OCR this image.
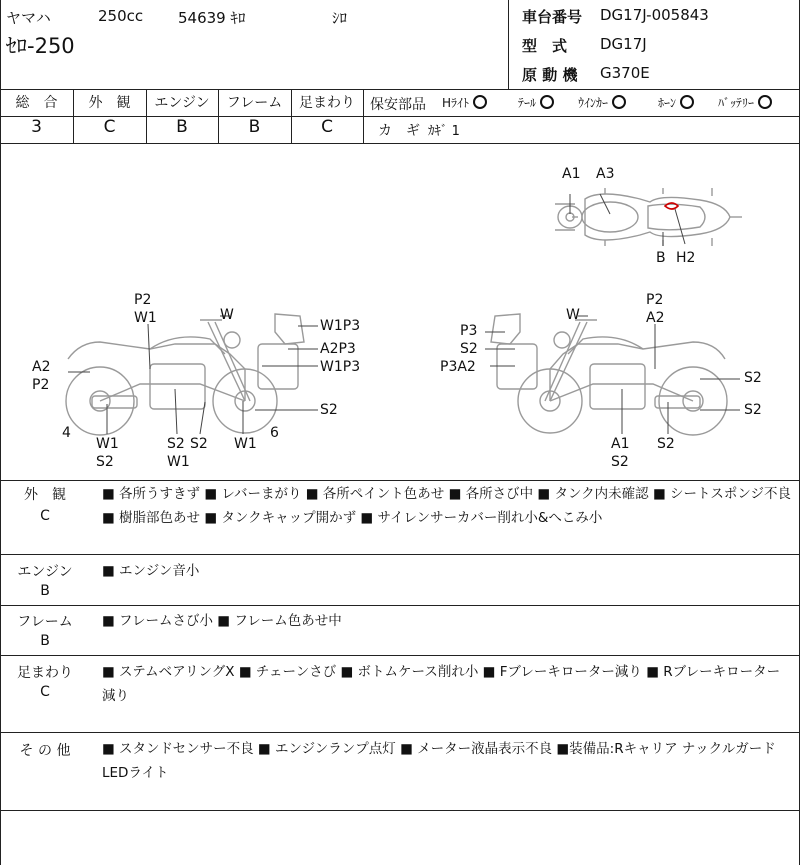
ヤマハ	250cc 54639 ｷﾛ	ｼﾛ
ｾﾛ-250
車台番号 DG17J-005843
型　式 DG17J
原 動 機 G370E
総　合	外　観	エンジン	フレーム	足まわり
3	C	B	B	C
保安部品 Hﾗｲﾄ	ﾃｰﾙ	ｳｲﾝｶｰ	ﾎｰﾝ	ﾊﾞｯﾃﾘｰ
カ　ギ ｶｷﾞ 1
A1 A3
B H2
P2
W1	W
W1P3
A2P3
W1P3
A2
P2
S2
4
W1
S2
S2 S2
W1
W1
6
P2
A2
W
P3
S2
P3A2
S2
S2
A1
S2
S2
外　観
C
■ 各所うすきず ■ レバーまがり ■ 各所ペイント色あせ ■ 各所さび中 ■ タンク内未確認 ■ シートスポンジ不良 ■ 樹脂部色あせ ■ タンクキャップ開かず ■ サイレンサーカバー削れ小&へこみ小
エンジン
B
■ エンジン音小
フレーム
B
■ フレームさび小 ■ フレーム色あせ中
足まわり
C
■ ステムベアリングX ■ チェーンさび ■ ボトムケース削れ小 ■ Fブレーキローター減り ■ Rブレーキローター減り
そ の 他	■ スタンドセンサー不良 ■ エンジンランプ点灯 ■ メーター液晶表示不良 ■装備品:Rキャリア ナックルガード LEDライト
